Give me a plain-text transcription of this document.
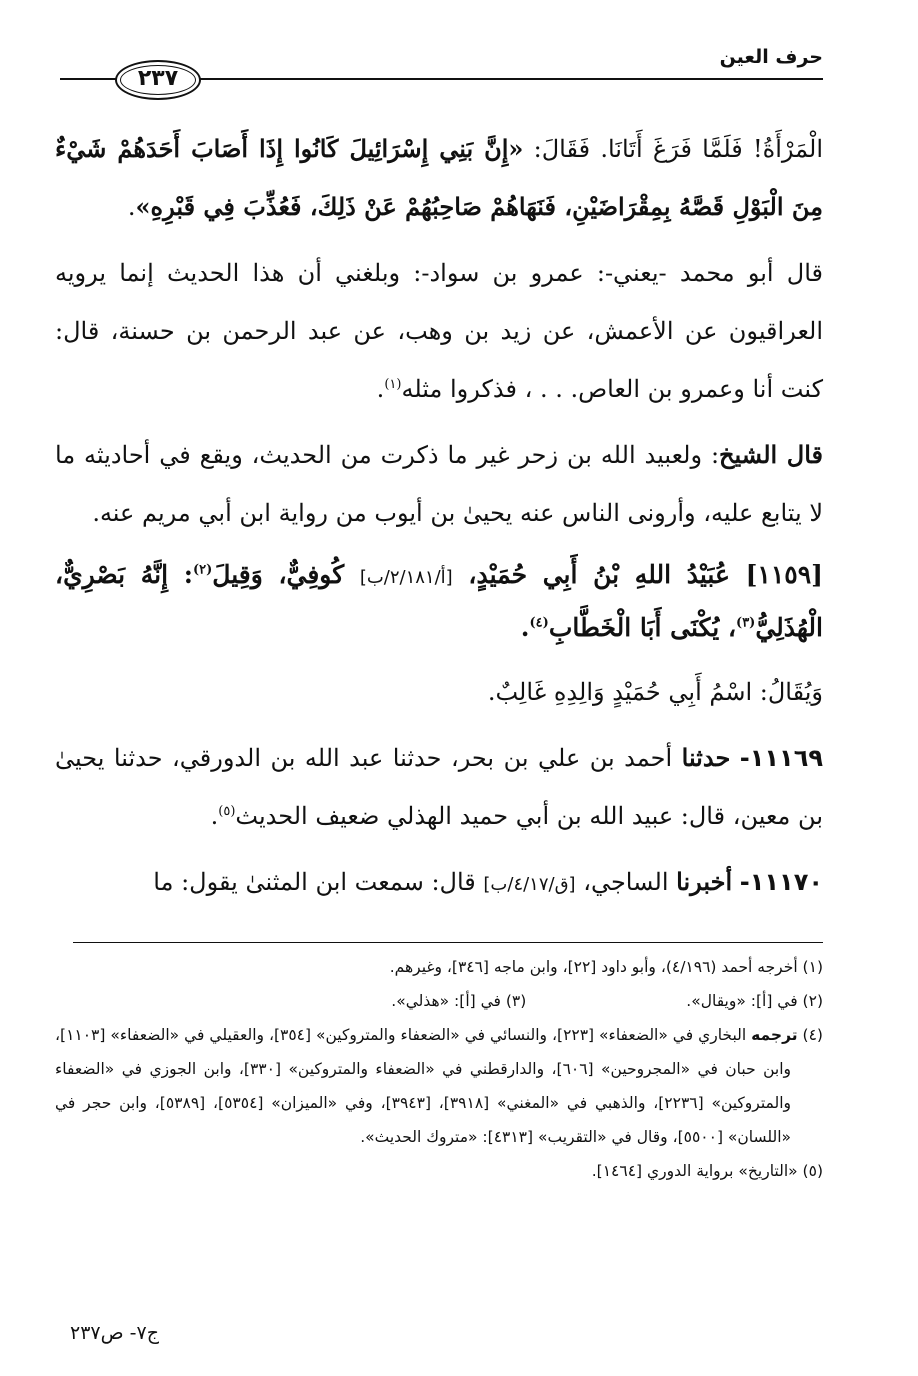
حرف العين
٢٣٧

الْمَرْأَةُ! فَلَمَّا فَرَغَ أَتَانَا. فَقَالَ: «إِنَّ بَنِي إِسْرَائِيلَ كَانُوا إِذَا أَصَابَ أَحَدَهُمْ شَيْءٌ مِنَ الْبَوْلِ قَصَّهُ بِمِقْرَاضَيْنِ، فَنَهَاهُمْ صَاحِبُهُمْ عَنْ ذَلِكَ، فَعُذِّبَ فِي قَبْرِهِ».

قال أبو محمد -يعني-: عمرو بن سواد-: وبلغني أن هذا الحديث إنما يرويه العراقيون عن الأعمش، عن زيد بن وهب، عن عبد الرحمن بن حسنة، قال: كنت أنا وعمرو بن العاص. . . ، فذكروا مثله$^{(١)}$.

قال الشيخ: ولعبيد الله بن زحر غير ما ذكرت من الحديث، ويقع في أحاديثه ما لا يتابع عليه، وأرونى الناس عنه يحيىٰ بن أيوب من رواية ابن أبي مريم عنه.

[١١٥٩] عُبَيْدُ اللهِ بْنُ أَبِي حُمَيْدٍ، [أ/٢/١٨١/ب] كُوفِيٌّ، وَقِيلَ$^{(٢)}$: إِنَّهُ بَصْرِيٌّ، الْهُذَلِيُّ$^{(٣)}$، يُكْنَى أَبَا الْخَطَّابِ$^{(٤)}$.

وَيُقَالُ: اسْمُ أَبِي حُمَيْدٍ وَالِدِهِ غَالِبٌ.

١١١٦٩- حدثنا أحمد بن علي بن بحر، حدثنا عبد الله بن الدورقي، حدثنا يحيىٰ بن معين، قال: عبيد الله بن أبي حميد الهذلي ضعيف الحديث$^{(٥)}$.

١١١٧٠- أخبرنا الساجي، [ق/٤/١٧/ب] قال: سمعت ابن المثنىٰ يقول: ما

(١) أخرجه أحمد (٤/١٩٦)، وأبو داود [٢٢]، وابن ماجه [٣٤٦]، وغيرهم.

(٢) في [أ]: «ويقال».
(٣) في [أ]: «هذلي».

(٤) ترجمه البخاري في «الضعفاء» [٢٢٣]، والنسائي في «الضعفاء والمتروكين» [٣٥٤]، والعقيلي في «الضعفاء» [١١٠٣]، وابن حبان في «المجروحين» [٦٠٦]، والدارقطني في «الضعفاء والمتروكين» [٣٣٠]، وابن الجوزي في «الضعفاء والمتروكين» [٢٢٣٦]، والذهبي في «المغني» [٣٩١٨]، [٣٩٤٣]، وفي «الميزان» [٥٣٥٤]، [٥٣٨٩]، وابن حجر في «اللسان» [٥٥٠٠]، وقال في «التقريب» [٤٣١٣]: «متروك الحديث».

(٥) «التاريخ» برواية الدوري [١٤٦٤].

ج٧- ص٢٣٧
